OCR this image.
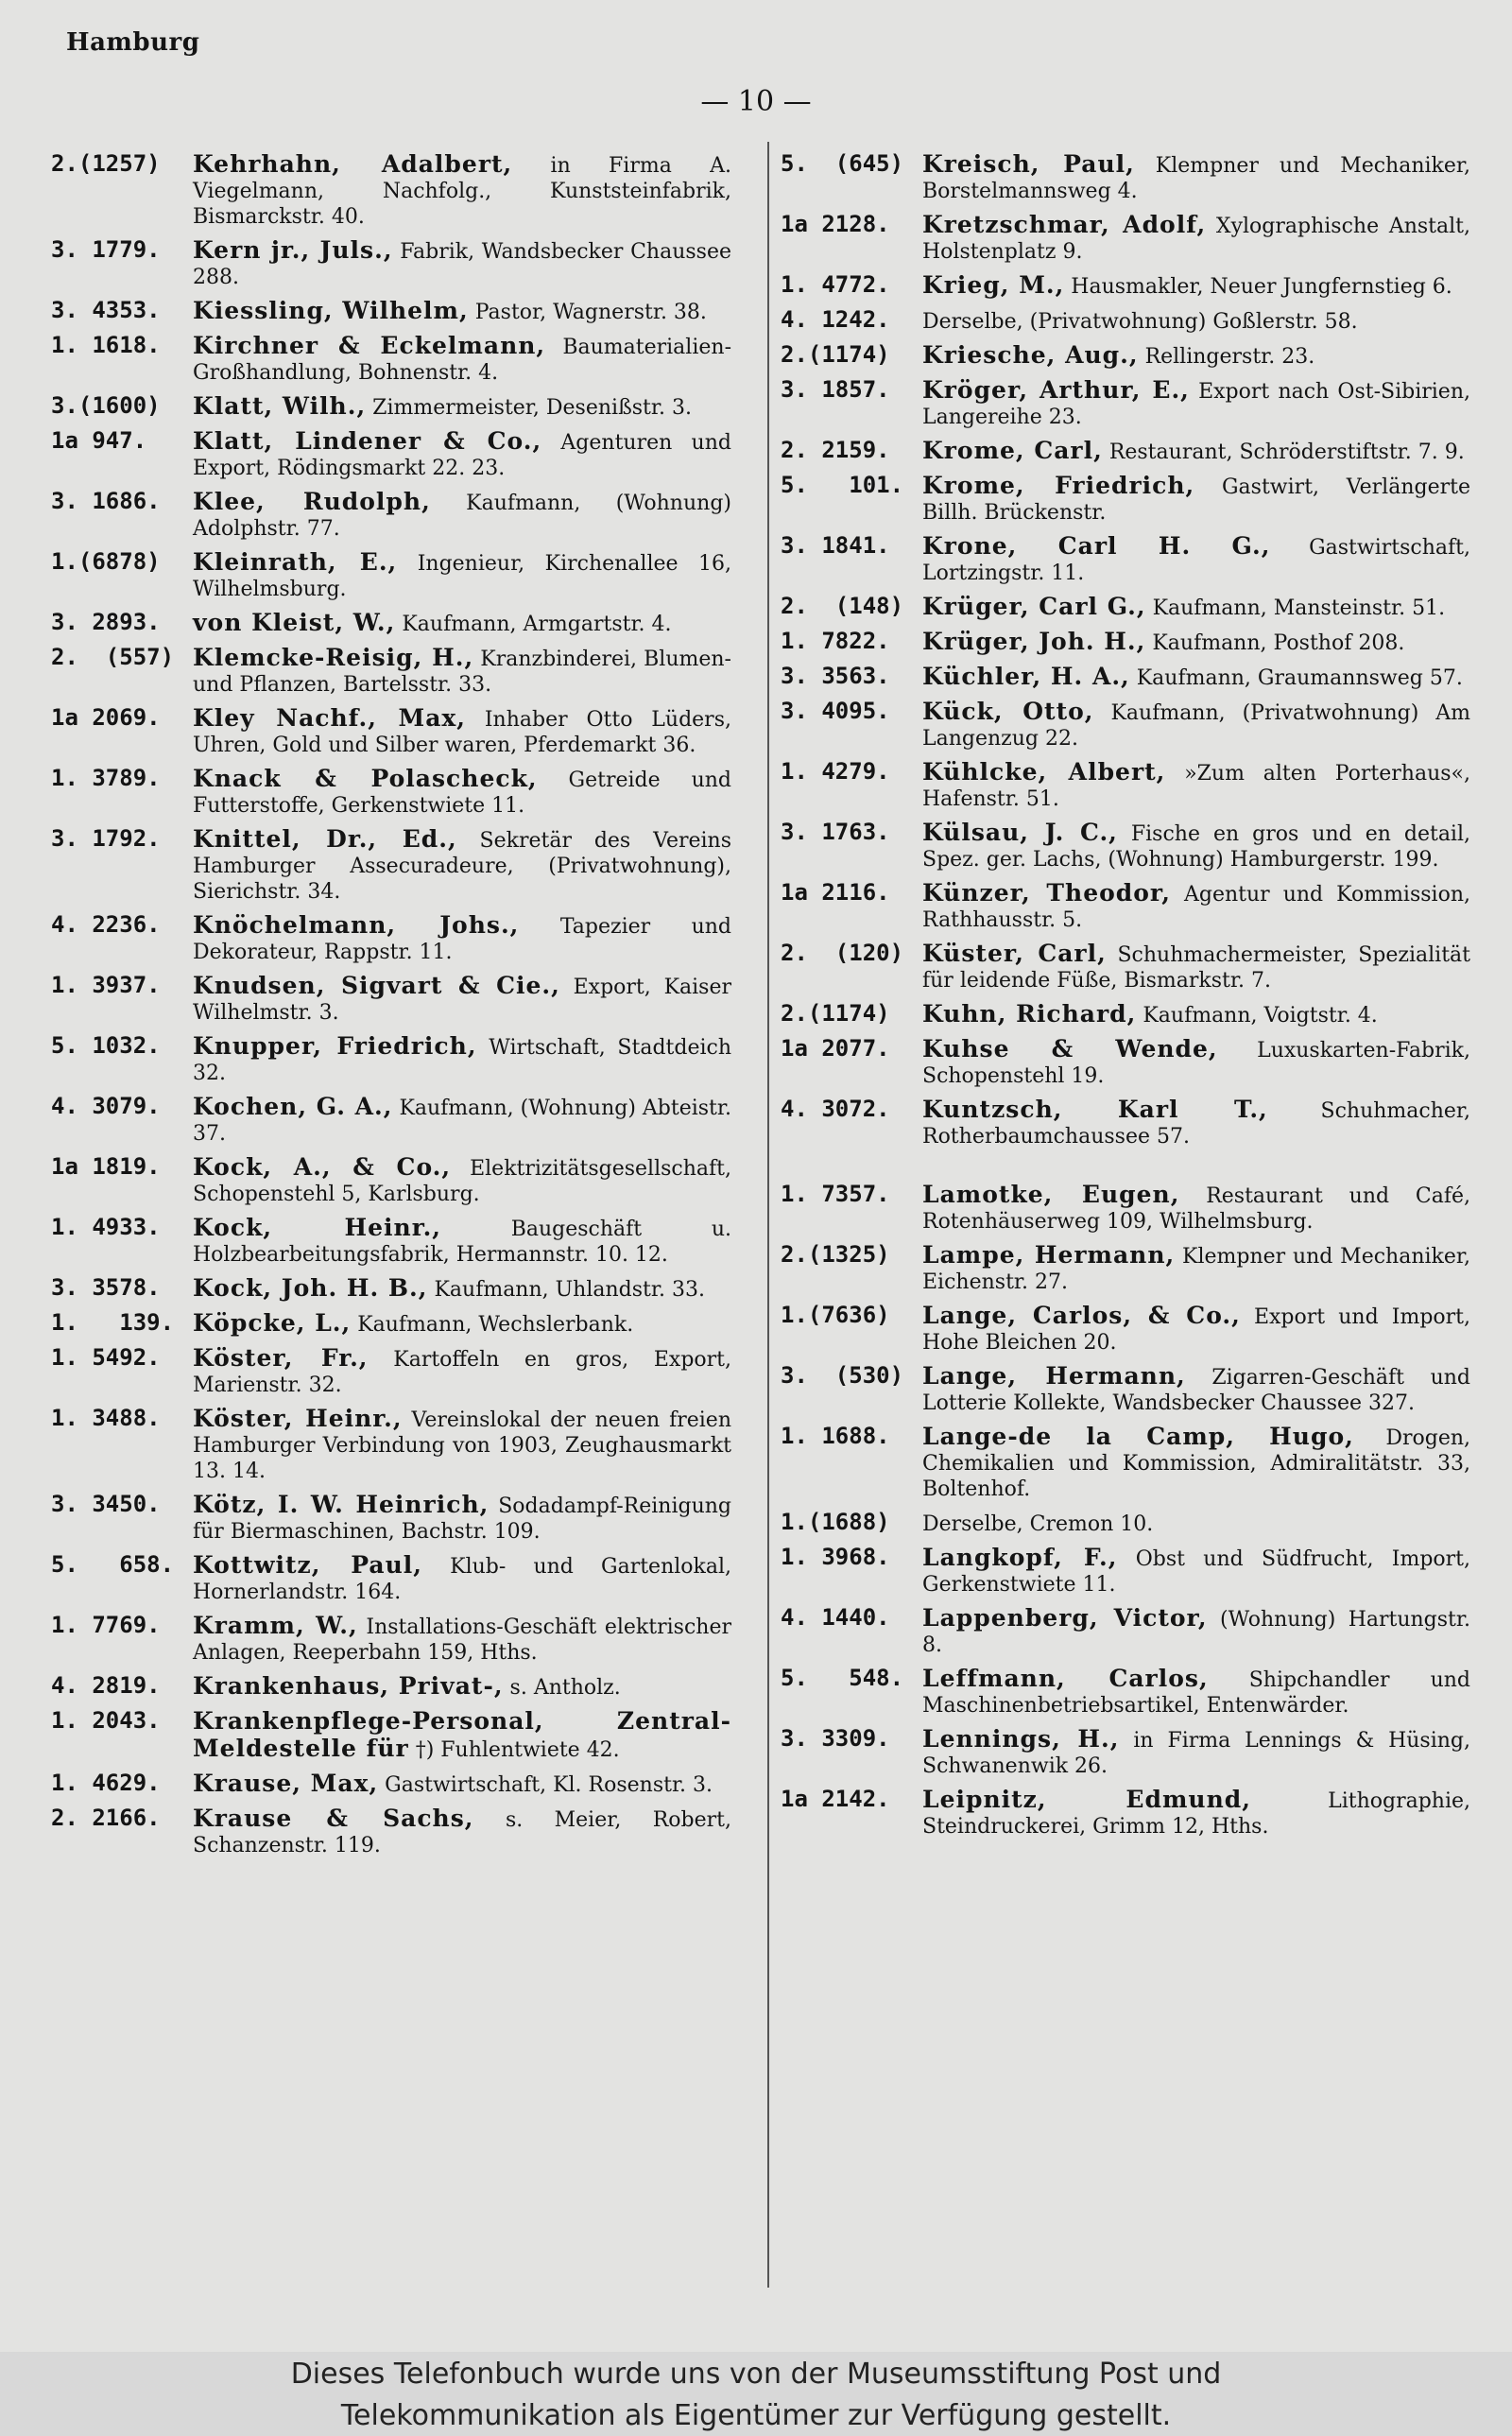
Hamburg
— 10 —
2.(1257)	Kehrhahn, Adalbert, in Firma A. Viegelmann, Nachfolg., Kunststeinfabrik, Bismarckstr. 40.
3. 1779.	Kern jr., Juls., Fabrik, Wandsbecker Chaussee 288.
3. 4353.	Kiessling, Wilhelm, Pastor, Wagnerstr. 38.
1. 1618.	Kirchner & Eckelmann, Baumaterialien-Großhandlung, Bohnenstr. 4.
3.(1600)	Klatt, Wilh., Zimmermeister, Desenißstr. 3.
1a 947.	Klatt, Lindener & Co., Agenturen und Export, Rödingsmarkt 22. 23.
3. 1686.	Klee, Rudolph, Kaufmann, (Wohnung) Adolphstr. 77.
1.(6878)	Kleinrath, E., Ingenieur, Kirchenallee 16, Wilhelmsburg.
3. 2893.	von Kleist, W., Kaufmann, Armgartstr. 4.
2.  (557) Klemcke-Reisig, H., Kranzbinderei, Blumen- und Pflanzen, Bartelsstr. 33.
1a 2069.	Kley Nachf., Max, Inhaber Otto Lüders, Uhren, Gold und Silber waren, Pferdemarkt 36.
1. 3789.	Knack & Polascheck, Getreide und Futterstoffe, Gerkenstwiete 11.
3. 1792.	Knittel, Dr., Ed., Sekretär des Vereins Hamburger Assecuradeure, (Privatwohnung), Sierichstr. 34.
4. 2236.	Knöchelmann, Johs., Tapezier und Dekorateur, Rappstr. 11.
1. 3937.	Knudsen, Sigvart & Cie., Export, Kaiser Wilhelmstr. 3.
5. 1032.	Knupper, Friedrich, Wirtschaft, Stadtdeich 32.
4. 3079.	Kochen, G. A., Kaufmann, (Wohnung) Abteistr. 37.
1a 1819.	Kock, A., & Co., Elektrizitätsgesellschaft, Schopenstehl 5, Karlsburg.
1. 4933.	Kock, Heinr.,	Baugeschäft u. Holzbearbeitungsfabrik, Hermannstr. 10. 12.
3. 3578.	Kock, Joh. H. B., Kaufmann, Uhlandstr. 33.
1.   139. Köpcke, L., Kaufmann, Wechslerbank.
1. 5492.	Köster, Fr., Kartoffeln en gros, Export, Marienstr. 32.
1. 3488.	Köster, Heinr., Vereinslokal der neuen freien Hamburger Verbindung von 1903, Zeughausmarkt 13. 14.
3. 3450.	Kötz, I. W. Heinrich, Sodadampf-Reinigung für Biermaschinen, Bachstr. 109.
5.   658. Kottwitz, Paul, Klub- und Gartenlokal, Hornerlandstr. 164.
1. 7769.	Kramm, W., Installations-Geschäft elektrischer Anlagen, Reeperbahn 159, Hths.
4. 2819.	Krankenhaus, Privat-, s. Antholz.
1. 2043.	Krankenpflege-Personal, Zentral-Meldestelle für †) Fuhlentwiete 42.
1. 4629.	Krause, Max, Gastwirtschaft, Kl. Rosenstr. 3.
2. 2166.	Krause & Sachs, s. Meier, Robert, Schanzenstr. 119.
5.  (645) Kreisch, Paul, Klempner und Mechaniker, Borstelmannsweg 4.
1a 2128.	Kretzschmar, Adolf, Xylographische Anstalt, Holstenplatz 9.
1. 4772.	Krieg, M., Hausmakler, Neuer Jungfernstieg 6.
4. 1242.	Derselbe, (Privatwohnung) Goßlerstr. 58.
2.(1174)	Kriesche, Aug., Rellingerstr. 23.
3. 1857.	Kröger, Arthur, E., Export nach Ost-Sibirien, Langereihe 23.
2. 2159.	Krome, Carl, Restaurant, Schröderstiftstr. 7. 9.
5.   101. Krome, Friedrich, Gastwirt, Verlängerte Billh. Brückenstr.
3. 1841.	Krone, Carl H. G., Gastwirtschaft, Lortzingstr. 11.
2.  (148) Krüger, Carl G., Kaufmann, Mansteinstr. 51.
1. 7822.	Krüger, Joh. H., Kaufmann, Posthof 208.
3. 3563.	Küchler, H. A., Kaufmann, Graumannsweg 57.
3. 4095.	Kück, Otto, Kaufmann, (Privatwohnung) Am Langenzug 22.
1. 4279.	Kühlcke, Albert, »Zum alten Porterhaus«, Hafenstr. 51.
3. 1763.	Külsau, J. C., Fische en gros und en detail, Spez. ger. Lachs, (Wohnung) Hamburgerstr. 199.
1a 2116.	Künzer, Theodor, Agentur und Kommission, Rathhausstr. 5.
2.  (120) Küster, Carl, Schuhmachermeister, Spezialität für leidende Füße, Bismarkstr. 7.
2.(1174)	Kuhn, Richard, Kaufmann, Voigtstr. 4.
1a 2077.	Kuhse & Wende, Luxuskarten-Fabrik, Schopenstehl 19.
4. 3072.	Kuntzsch, Karl T.,	Schuhmacher, Rotherbaumchaussee 57.
1. 7357.	Lamotke, Eugen, Restaurant und Café, Rotenhäuserweg 109, Wilhelmsburg.
2.(1325)	Lampe, Hermann, Klempner und Mechaniker, Eichenstr. 27.
1.(7636)	Lange, Carlos, & Co., Export und Import, Hohe Bleichen 20.
3.  (530) Lange, Hermann, Zigarren-Geschäft und Lotterie Kollekte, Wandsbecker Chaussee 327.
1. 1688.	Lange-de la Camp, Hugo, Drogen, Chemikalien und Kommission, Admiralitätstr. 33, Boltenhof.
1.(1688)	Derselbe, Cremon 10.
1. 3968.	Langkopf, F., Obst und Südfrucht, Import, Gerkenstwiete 11.
4. 1440.	Lappenberg, Victor, (Wohnung) Hartungstr. 8.
5.   548. Leffmann, Carlos, Shipchandler und Maschinenbetriebsartikel, Entenwärder.
3. 3309.	Lennings, H., in Firma Lennings & Hüsing, Schwanenwik 26.
1a 2142.	Leipnitz, Edmund,	Lithographie, Steindruckerei, Grimm 12, Hths.
Dieses Telefonbuch wurde uns von der Museumsstiftung Post und
Telekommunikation als Eigentümer zur Verfügung gestellt.
